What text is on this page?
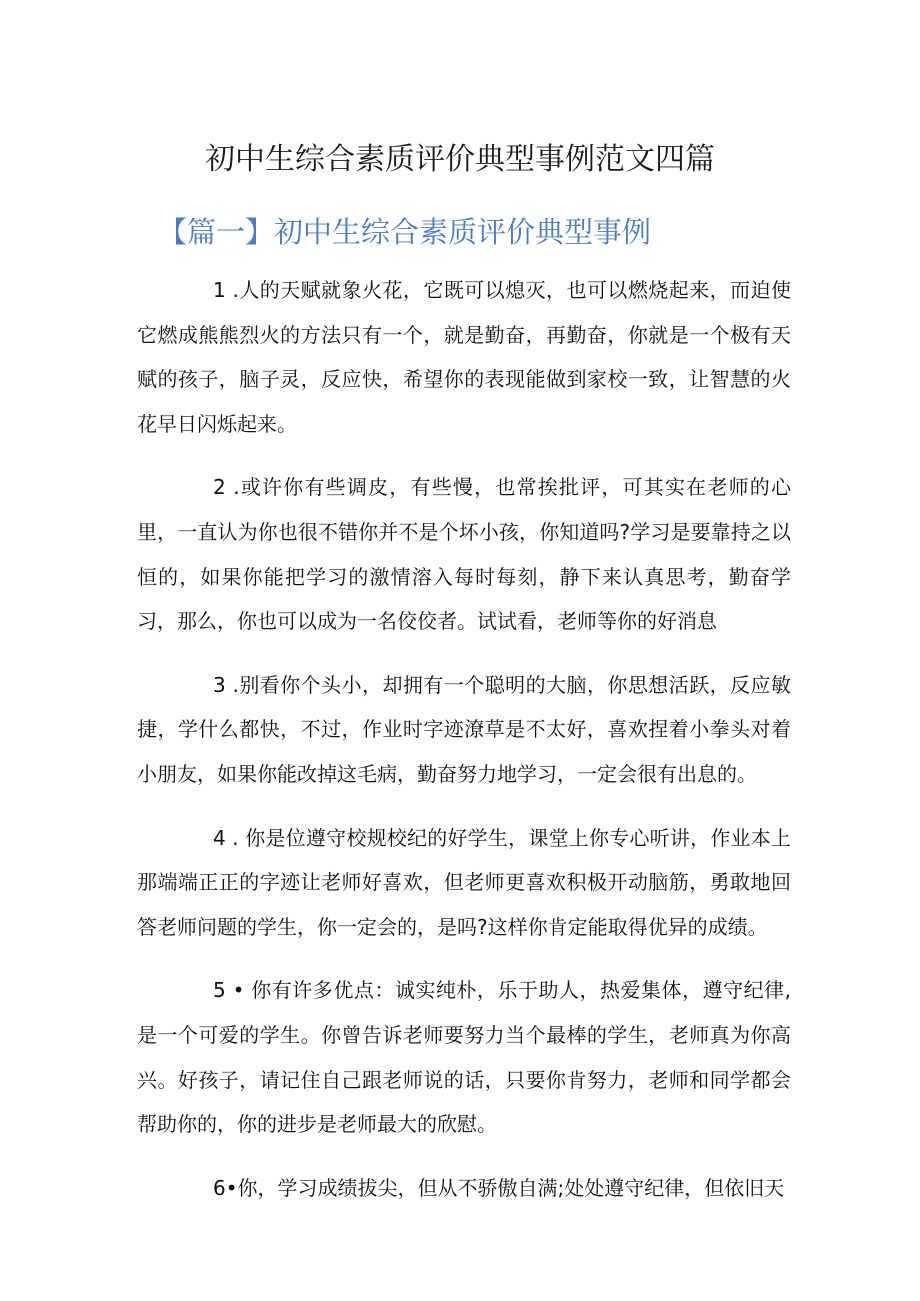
初中生综合素质评价典型事例范文四篇
【篇一】初中生综合素质评价典型事例

1 .人的天赋就象火花，它既可以熄灭，也可以燃烧起来，而迫使它燃成熊熊烈火的方法只有一个，就是勤奋，再勤奋，你就是一个极有天赋的孩子，脑子灵，反应快，希望你的表现能做到家校一致，让智慧的火花早日闪烁起来。

2 .或许你有些调皮，有些慢，也常挨批评，可其实在老师的心里，一直认为你也很不错你并不是个坏小孩，你知道吗?学习是要靠持之以恒的，如果你能把学习的激情溶入每时每刻，静下来认真思考，勤奋学习，那么，你也可以成为一名佼佼者。试试看，老师等你的好消息

3 .别看你个头小，却拥有一个聪明的大脑，你思想活跃，反应敏捷，学什么都快，不过，作业时字迹潦草是不太好，喜欢捏着小拳头对着小朋友，如果你能改掉这毛病，勤奋努力地学习，一定会很有出息的。

4 . 你是位遵守校规校纪的好学生，课堂上你专心听讲，作业本上那端端正正的字迹让老师好喜欢，但老师更喜欢积极开动脑筋，勇敢地回答老师问题的学生，你一定会的，是吗?这样你肯定能取得优异的成绩。

5 • 你有许多优点：诚实纯朴，乐于助人，热爱集体，遵守纪律,是一个可爱的学生。你曾告诉老师要努力当个最棒的学生，老师真为你高兴。好孩子，请记住自己跟老师说的话，只要你肯努力，老师和同学都会帮助你的，你的进步是老师最大的欣慰。

6•你，学习成绩拔尖，但从不骄傲自满;处处遵守纪律，但依旧天
